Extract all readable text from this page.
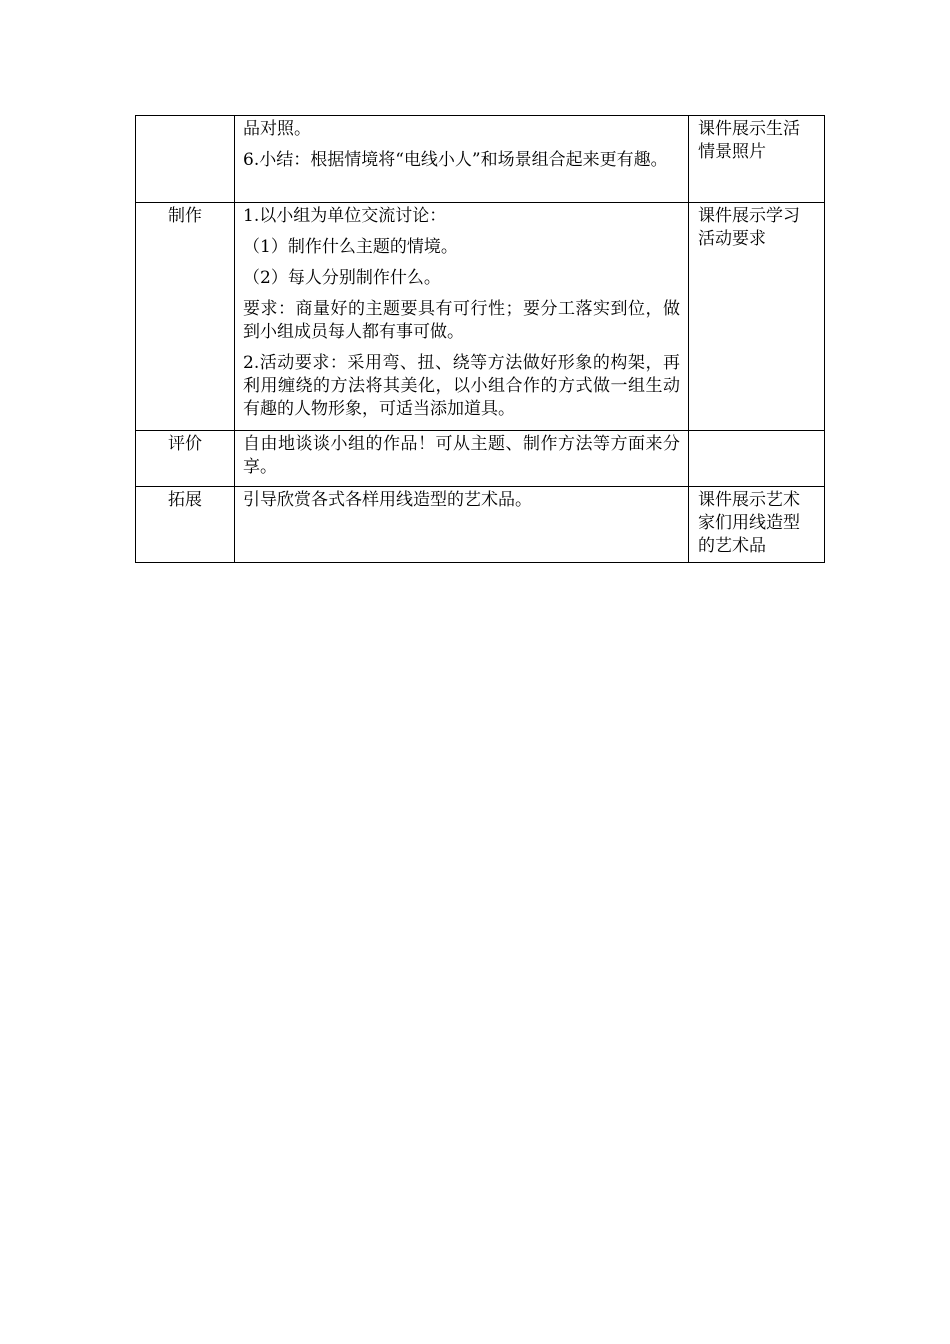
	品对照。

6.小结：根据情境将“电线小人”和场景组合起来更有趣。	课件展示生活情景照片
制作	1.以小组为单位交流讨论：

（1）制作什么主题的情境。

（2）每人分别制作什么。

要求：商量好的主题要具有可行性；要分工落实到位，做到小组成员每人都有事可做。

2.活动要求：采用弯、扭、绕等方法做好形象的构架，再利用缠绕的方法将其美化，以小组合作的方式做一组生动有趣的人物形象，可适当添加道具。	课件展示学习活动要求
评价	自由地谈谈小组的作品！可从主题、制作方法等方面来分享。	

拓展	引导欣赏各式各样用线造型的艺术品。	课件展示艺术家们用线造型的艺术品
